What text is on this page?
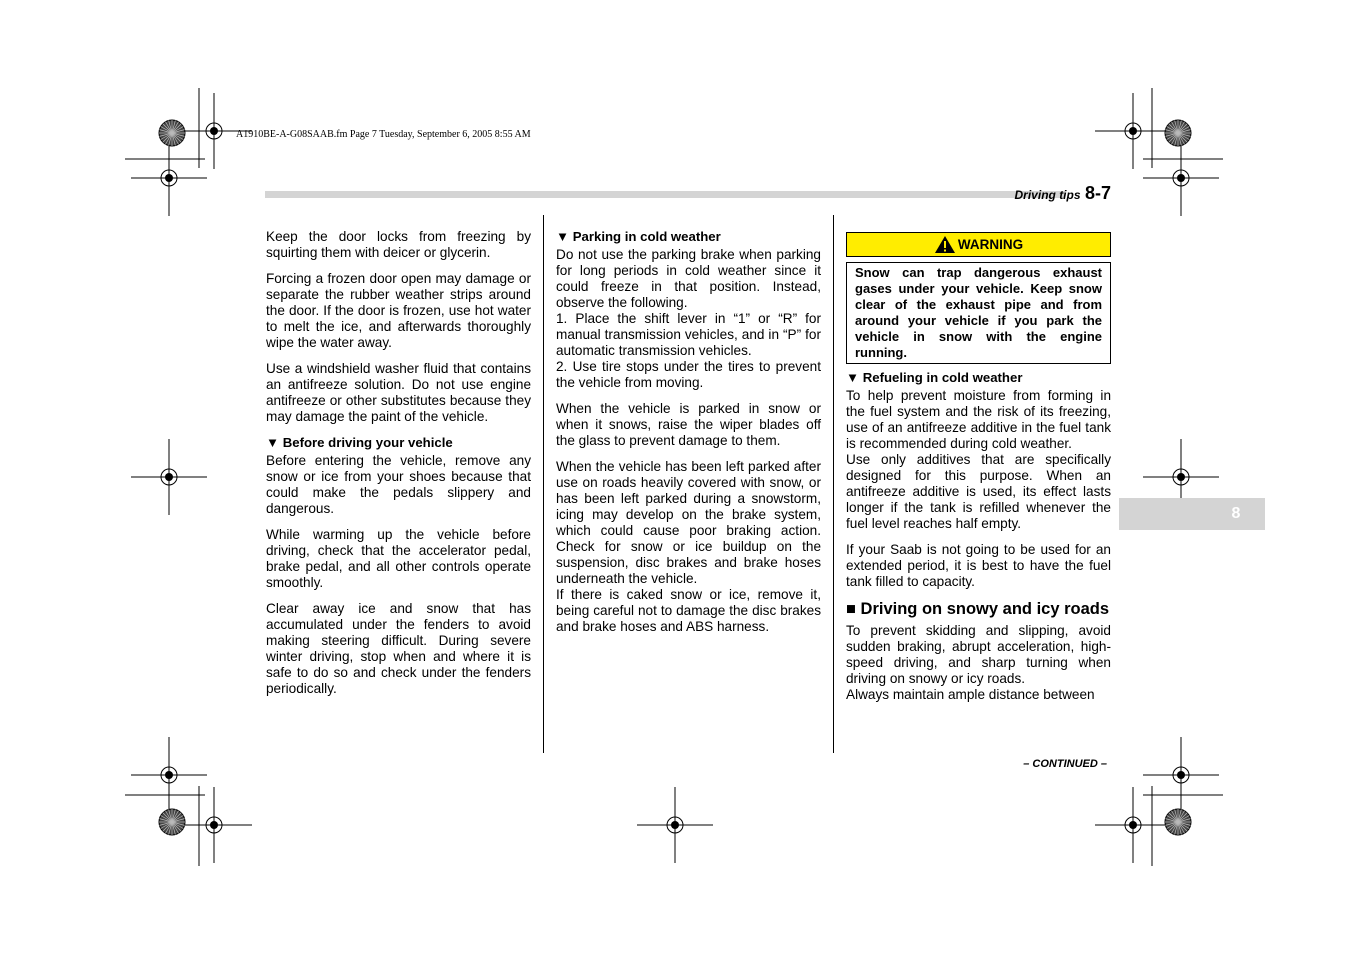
A1910BE-A-G08SAAB.fm Page 7 Tuesday, September 6, 2005 8:55 AM
Driving tips 8-7
8

Keep the door locks from freezing by squirting them with deicer or glycerin.

Forcing a frozen door open may damage or separate the rubber weather strips around the door. If the door is frozen, use hot water to melt the ice, and afterwards thoroughly wipe the water away.

Use a windshield washer fluid that contains an antifreeze solution. Do not use engine antifreeze or other substitutes because they may damage the paint of the vehicle.

▼ Before driving your vehicle

Before entering the vehicle, remove any snow or ice from your shoes because that could make the pedals slippery and dangerous.

While warming up the vehicle before driving, check that the accelerator pedal, brake pedal, and all other controls operate smoothly.

Clear away ice and snow that has accumulated under the fenders to avoid making steering difficult. During severe winter driving, stop when and where it is safe to do so and check under the fenders periodically.

▼ Parking in cold weather

Do not use the parking brake when parking for long periods in cold weather since it could freeze in that position. Instead, observe the following.

1. Place the shift lever in “1” or “R” for manual transmission vehicles, and in “P” for automatic transmission vehicles.

2. Use tire stops under the tires to prevent the vehicle from moving.

When the vehicle is parked in snow or when it snows, raise the wiper blades off the glass to prevent damage to them.

When the vehicle has been left parked after use on roads heavily covered with snow, or has been left parked during a snowstorm, icing may develop on the brake system, which could cause poor braking action. Check for snow or ice buildup on the suspension, disc brakes and brake hoses underneath the vehicle.

If there is caked snow or ice, remove it, being careful not to damage the disc brakes and brake hoses and ABS harness.

WARNING
Snow can trap dangerous exhaust gases under your vehicle. Keep snow clear of the exhaust pipe and from around your vehicle if you park the vehicle in snow with the engine running.
▼ Refueling in cold weather

To help prevent moisture from forming in the fuel system and the risk of its freezing, use of an antifreeze additive in the fuel tank is recommended during cold weather.

Use only additives that are specifically designed for this purpose. When an antifreeze additive is used, its effect lasts longer if the tank is refilled whenever the fuel level reaches half empty.

If your Saab is not going to be used for an extended period, it is best to have the fuel tank filled to capacity.

■ Driving on snowy and icy roads

To prevent skidding and slipping, avoid sudden braking, abrupt acceleration, high-speed driving, and sharp turning when driving on snowy or icy roads.

Always maintain ample distance between

– CONTINUED –
